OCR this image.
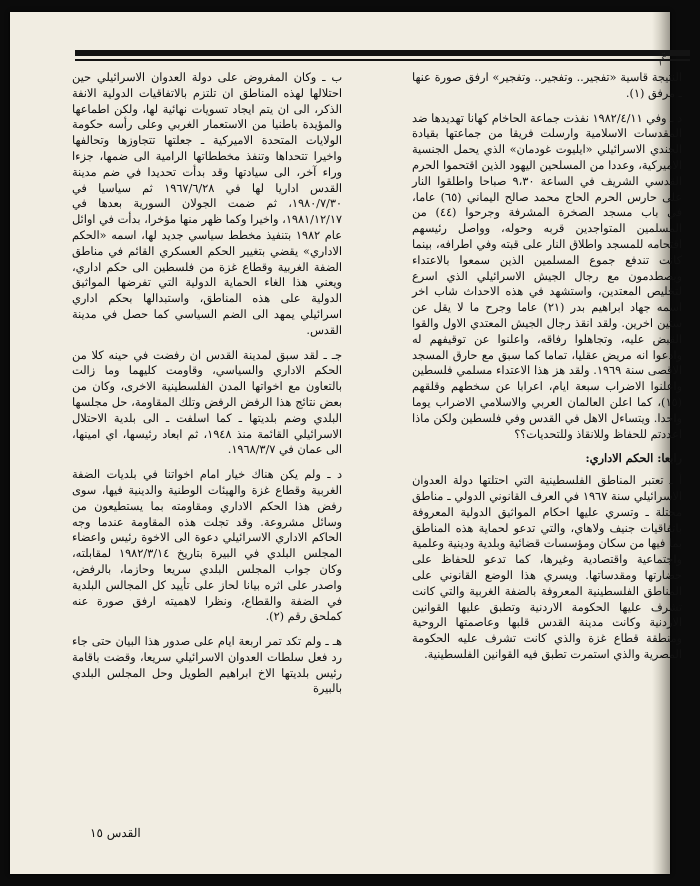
ﰎ

النتيجة قاسية «تفجير.. وتفجير.. وتفجير» ارفق صورة عنها ـ مرفق (١).

د ـ وفي ١٩٨٢/٤/١١ نفذت جماعة الحاخام كهانا تهديدها ضد المقدسات الاسلامية وارسلت فريقا من جماعتها بقيادة الجندي الاسرائيلي «ايليوت غودمان» الذي يحمل الجنسية الاميركية، وعددا من المسلحين اليهود الذين اقتحموا الحرم القدسي الشريف في الساعة ٩،٣٠ صباحا واطلقوا النار على حارس الحرم الحاج محمد صالح اليماني (٦٥) عاما، في باب مسجد الصخرة المشرفة وجرحوا (٤٤) من المسلمين المتواجدين قربه وحوله، وواصل رئيسهم اقتحامه للمسجد واطلاق النار على قبته وفي اطرافه، بينما كانت تندفع جموع المسلمين الذين سمعوا بالاعتداء ويصطدمون مع رجال الجيش الاسرائيلي الذي اسرع لتخليص المعتدين، واستشهد في هذه الاحداث شاب اخر اسمه جهاد ابراهيم بدر (٢١) عاما وجرح ما لا يقل عن ستين اخرين. ولقد انقذ رجال الجيش المعتدي الاول والقوا القبض عليه، وتجاهلوا رفاقه، واعلنوا عن توقيفهم له وادعوا انه مريض عقليا، تماما كما سبق مع حارق المسجد الاقصى سنة ١٩٦٩. ولقد هز هذا الاعتداء مسلمي فلسطين واعلنوا الاضراب سبعة ايام، اعرابا عن سخطهم وقلقهم (١٥)، كما اعلن العالمان العربي والاسلامي الاضراب يوما واحدا. ويتساءل الاهل في القدس وفي فلسطين ولكن ماذا اعددتم للحفاظ وللانقاذ وللتحديات؟؟

رابعا: الحكم الاداري:

أ ـ تعتبر المناطق الفلسطينية التي احتلتها دولة العدوان الاسرائيلي سنة ١٩٦٧ في العرف القانوني الدولي ـ مناطق محتلة ـ وتسري عليها احكام المواثيق الدولية المعروفة باتفاقيات جنيف ولاهاي، والتي تدعو لحماية هذه المناطق بما فيها من سكان ومؤسسات قضائية وبلدية ودينية وعلمية واجتماعية واقتصادية وغيرها، كما تدعو للحفاظ على حضارتها ومقدساتها. ويسري هذا الوضع القانوني على المناطق الفلسطينية المعروفة بالضفة الغربية والتي كانت تشرف عليها الحكومة الاردنية وتطبق عليها القوانين الاردنية وكانت مدينة القدس قلبها وعاصمتها الروحية ومنطقة قطاع غزة والذي كانت تشرف عليه الحكومة المصرية والذي استمرت تطبق فيه القوانين الفلسطينية.

ب ـ وكان المفروض على دولة العدوان الاسرائيلي حين احتلالها لهذه المناطق ان تلتزم بالاتفاقيات الدولية الانفة الذكر، الى ان يتم ايجاد تسويات نهائية لها، ولكن اطماعها والمؤيدة باطنيا من الاستعمار الغربي وعلى رأسه حكومة الولايات المتحدة الاميركية ـ جعلتها تتجاوزها وتحالفها واخيرا تتحداها وتنفذ مخططاتها الرامية الى ضمها، جزءا وراء آخر، الى سيادتها وقد بدأت تحديدا في ضم مدينة القدس اداريا لها في ١٩٦٧/٦/٢٨ ثم سياسيا في ١٩٨٠/٧/٣٠، ثم ضمت الجولان السورية بعدها في ١٩٨١/١٢/١٧، واخيرا وكما ظهر منها مؤخرا، بدأت في اوائل عام ١٩٨٢ بتنفيذ مخطط سياسي جديد لها، اسمه «الحكم الاداري» يقضي بتغيير الحكم العسكري القائم في مناطق الضفة الغربية وقطاع غزة من فلسطين الى حكم اداري، ويعني هذا الغاء الحماية الدولية التي تفرضها المواثيق الدولية على هذه المناطق، واستبدالها بحكم اداري اسرائيلي يمهد الى الضم السياسي كما حصل في مدينة القدس.

جـ ـ لقد سبق لمدينة القدس ان رفضت في حينه كلا من الحكم الاداري والسياسي، وقاومت كليهما وما زالت بالتعاون مع اخواتها المدن الفلسطينية الاخرى، وكان من بعض نتائج هذا الرفض الرفض وتلك المقاومة، حل مجلسها البلدي وضم بلديتها ـ كما اسلفت ـ الى بلدية الاحتلال الاسرائيلي القائمة منذ ١٩٤٨، ثم ابعاد رئيسها، اي امينها، الى عمان في ١٩٦٨/٣/٧.

د ـ ولم يكن هناك خيار امام اخواتنا في بلديات الضفة الغربية وقطاع غزة والهيئات الوطنية والدينية فيها، سوى رفض هذا الحكم الاداري ومقاومته بما يستطيعون من وسائل مشروعة. وقد تجلت هذه المقاومة عندما وجه الحاكم الاداري الاسرائيلي دعوة الى الاخوة رئيس واعضاء المجلس البلدي في البيرة بتاريخ ١٩٨٢/٣/١٤ لمقابلته، وكان جواب المجلس البلدي سريعا وحازما، بالرفض، واصدر على اثره بيانا لحاز على تأييد كل المجالس البلدية في الضفة والقطاع، ونظرا لاهميته ارفق صورة عنه كملحق رقم (٢).

هـ ـ ولم تكد تمر اربعة ايام على صدور هذا البيان حتى جاء رد فعل سلطات العدوان الاسرائيلي سريعا، وقضت باقامة رئيس بلديتها الاخ ابراهيم الطويل وحل المجلس البلدي بالبيرة

القدس ١٥
